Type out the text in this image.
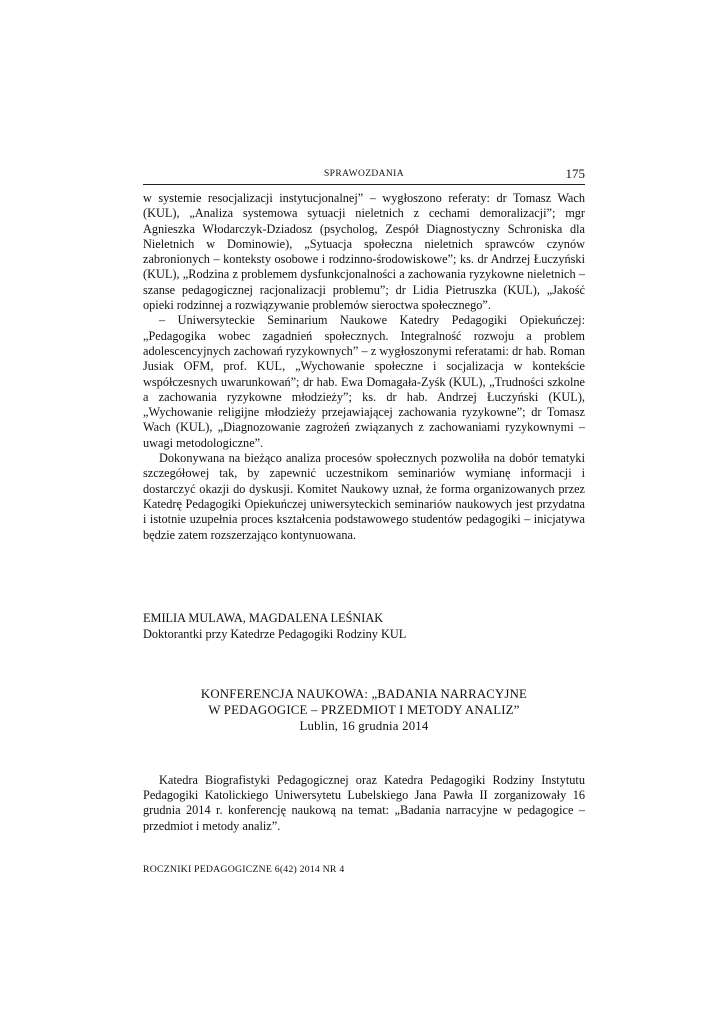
SPRAWOZDANIA	175

w systemie resocjalizacji instytucjonalnej” – wygłoszono referaty: dr Tomasz Wach (KUL), „Analiza systemowa sytuacji nieletnich z cechami demoralizacji”; mgr Agnieszka Włodarczyk-Dziadosz (psycholog, Zespół Diagnostyczny Schroniska dla Nieletnich w Dominowie), „Sytuacja społeczna nieletnich sprawców czynów zabronionych – konteksty osobowe i rodzinno-środowiskowe”; ks. dr Andrzej Łuczyński (KUL), „Rodzina z problemem dysfunkcjonalności a zachowania ryzykowne nieletnich – szanse pedagogicznej racjonalizacji problemu”; dr Lidia Pietruszka (KUL), „Jakość opieki rodzinnej a rozwiązywanie problemów sieroctwa społecznego”.

– Uniwersyteckie Seminarium Naukowe Katedry Pedagogiki Opiekuńczej: „Pedagogika wobec zagadnień społecznych. Integralność rozwoju a problem adolescencyjnych zachowań ryzykownych” – z wygłoszonymi referatami: dr hab. Roman Jusiak OFM, prof. KUL, „Wychowanie społeczne i socjalizacja w kontekście współczesnych uwarunkowań”; dr hab. Ewa Domagała-Zyśk (KUL), „Trudności szkolne a zachowania ryzykowne młodzieży”; ks. dr hab. Andrzej Łuczyński (KUL), „Wychowanie religijne młodzieży przejawiającej zachowania ryzykowne”; dr Tomasz Wach (KUL), „Diagnozowanie zagrożeń związanych z zachowaniami ryzykownymi – uwagi metodologiczne”.

Dokonywana na bieżąco analiza procesów społecznych pozwoliła na dobór tematyki szczegółowej tak, by zapewnić uczestnikom seminariów wymianę informacji i dostarczyć okazji do dyskusji. Komitet Naukowy uznał, że forma organizowanych przez Katedrę Pedagogiki Opiekuńczej uniwersyteckich seminariów naukowych jest przydatna i istotnie uzupełnia proces kształcenia podstawowego studentów pedagogiki – inicjatywa będzie zatem rozszerzająco kontynuowana.

EMILIA MULAWA, MAGDALENA LEŚNIAK
Doktorantki przy Katedrze Pedagogiki Rodziny KUL
KONFERENCJA NAUKOWA: „BADANIA NARRACYJNE
W PEDAGOGICE – PRZEDMIOT I METODY ANALIZ”
Lublin, 16 grudnia 2014

Katedra Biografistyki Pedagogicznej oraz Katedra Pedagogiki Rodziny Instytutu Pedagogiki Katolickiego Uniwersytetu Lubelskiego Jana Pawła II zorganizowały 16 grudnia 2014 r. konferencję naukową na temat: „Badania narracyjne w pedagogice – przedmiot i metody analiz”.

ROCZNIKI PEDAGOGICZNE 6(42) 2014 NR 4
